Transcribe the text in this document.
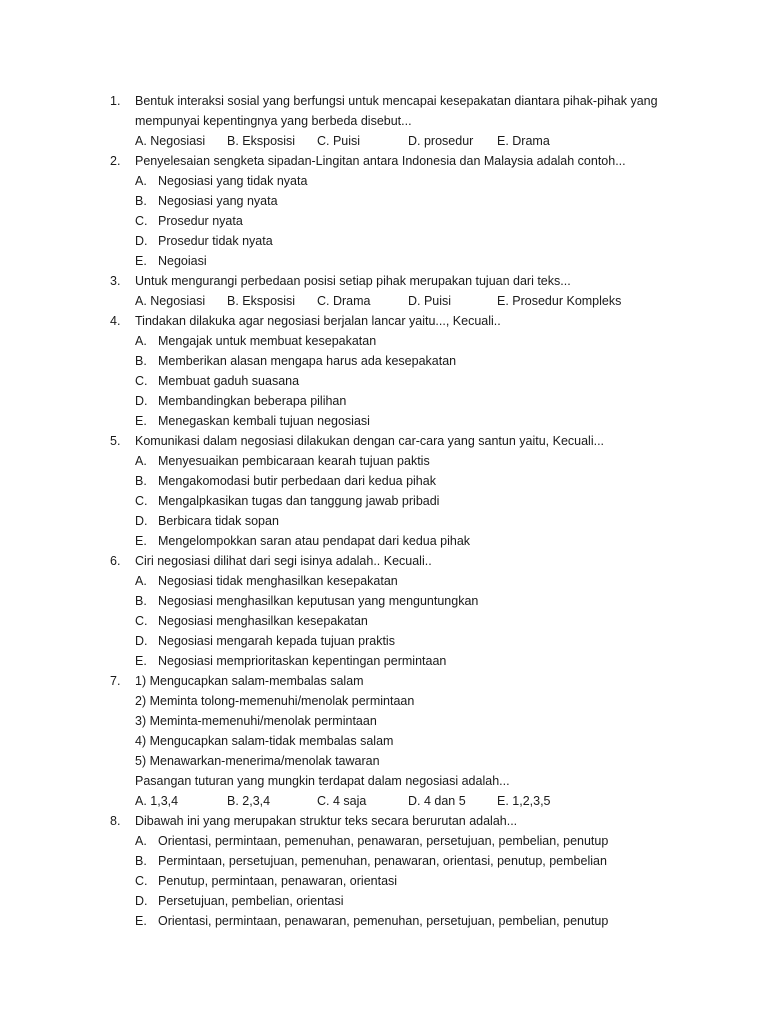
1. Bentuk interaksi sosial yang berfungsi untuk mencapai kesepakatan diantara pihak-pihak yang
mempunyai kepentingnya yang berbeda disebut...
A. Negosiasi B. Eksposisi C. Puisi	D. prosedur E. Drama
2. Penyelesaian sengketa sipadan-Lingitan antara Indonesia dan Malaysia adalah contoh...
A. Negosiasi yang tidak nyata
B. Negosiasi yang nyata
C. Prosedur nyata
D. Prosedur tidak nyata
E. Negoiasi
3. Untuk mengurangi perbedaan posisi setiap pihak merupakan tujuan dari teks...
A. Negosiasi B. Eksposisi C. Drama	D. Puisi	E. Prosedur Kompleks
4. Tindakan dilakuka agar negosiasi berjalan lancar yaitu..., Kecuali..
A. Mengajak untuk membuat kesepakatan
B. Memberikan alasan mengapa harus ada kesepakatan
C. Membuat gaduh suasana
D. Membandingkan beberapa pilihan
E. Menegaskan kembali tujuan negosiasi
5. Komunikasi dalam negosiasi dilakukan dengan car-cara yang santun yaitu, Kecuali...
A. Menyesuaikan pembicaraan kearah tujuan paktis
B. Mengakomodasi butir perbedaan dari kedua pihak
C. Mengalpkasikan tugas dan tanggung jawab pribadi
D. Berbicara tidak sopan
E. Mengelompokkan saran atau pendapat dari kedua pihak
6. Ciri negosiasi dilihat dari segi isinya adalah.. Kecuali..
A. Negosiasi tidak menghasilkan kesepakatan
B. Negosiasi menghasilkan keputusan yang menguntungkan
C. Negosiasi menghasilkan kesepakatan
D. Negosiasi mengarah kepada tujuan praktis
E. Negosiasi memprioritaskan kepentingan permintaan
7. 1) Mengucapkan salam-membalas salam
2) Meminta tolong-memenuhi/menolak permintaan
3) Meminta-memenuhi/menolak permintaan
4) Mengucapkan salam-tidak membalas salam
5) Menawarkan-menerima/menolak tawaran
Pasangan tuturan yang mungkin terdapat dalam negosiasi adalah...
A. 1,3,4	B. 2,3,4	C. 4 saja	D. 4 dan 5	E. 1,2,3,5
8. Dibawah ini yang merupakan struktur teks secara berurutan adalah...
A. Orientasi, permintaan, pemenuhan, penawaran, persetujuan, pembelian, penutup
B. Permintaan, persetujuan, pemenuhan, penawaran, orientasi, penutup, pembelian
C. Penutup, permintaan, penawaran, orientasi
D. Persetujuan, pembelian, orientasi
E. Orientasi, permintaan, penawaran, pemenuhan, persetujuan, pembelian, penutup
